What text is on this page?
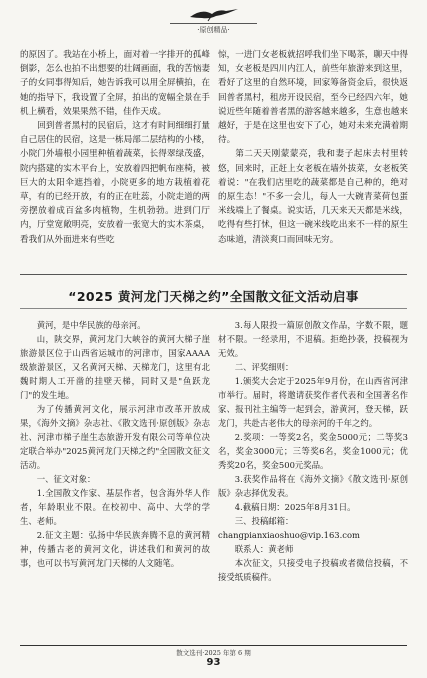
·原创精品·

的原因了。我站在小桥上，面对着一字排开的孤峰倒影，怎么也拍不出想要的壮阔画面，我的苦恼妻子的女同事得知后，她告诉我可以用全屏横拍，在她的指导下，我设置了全屏，拍出的宽幅全景在手机上横看，效果果然不错，佳作天成。

回到普者黑村的民宿后，这才有时间细细打量自己居住的民宿，这是一栋局部二层结构的小楼，小院门外墙根小园里种植着蔬菜，长得翠绿茂盛，院内搭建的实木平台上，安放着四把帆布座椅，被巨大的太阳伞遮挡着，小院更多的地方栽植着花草，有的已经开放，有的正在吐蕊，小院走道的两旁摆放着成百盆多肉植物，生机勃勃。进到门厅内，厅堂宽敞明亮，安放着一张宽大的实木茶桌，看我们从外面进来有些吃

惊，一进门女老板就招呼我们坐下喝茶，聊天中得知，女老板是四川内江人，前些年旅游来到这里，看好了这里的自然环境，回家筹备资金后，很快返回普者黑村，租房开设民宿，至今已经四六年，她说近些年随着普者黑的游客越来越多，生意也越来越好，于是在这里也安下了心，她对未来充满着期待。

第二天天刚蒙蒙亮，我和妻子起床去村里转悠，回来时，正赶上女老板在墙外拔菜，女老板笑着说："在我们店里吃的蔬菜都是自己种的，绝对的原生态！"不多一会儿，每人一大碗青菜荷包蛋米线端上了餐桌。说实话，几天来天天都是米线，吃得有些打怵，但这一碗米线吃出来不一样的原生态味道，清淡爽口而回味无穷。

“2025 黄河龙门天梯之约”全国散文征文活动启事

黄河，是中华民族的母亲河。

山，陕交界，黄河龙门大峡谷的黄河大梯子崖旅游景区位于山西省运城市的河津市，国家AAAA级旅游景区，又名黄河天梯、天梯龙门，这里有北魏时期人工开凿的挂壁天梯，同时又是"鱼跃龙门"的发生地。

为了传播黄河文化，展示河津市改革开放成果，《海外文摘》杂志社、《散文选刊·原创版》杂志社、河津市梯子崖生态旅游开发有限公司等单位决定联合举办"2025黄河龙门天梯之约"全国散文征文活动。

一、征文对象：

1.全国散文作家、基层作者，包含海外华人作者，年龄职业不限。在校初中、高中、大学的学生、老师。

2.征文主题：弘扬中华民族奔腾不息的黄河精神，传播古老的黄河文化，讲述我们和黄河的故事，也可以书写黄河龙门天梯的人文随笔。

3.每人限投一篇原创散文作品，字数不限，题材不限。一经录用，不退稿。拒绝抄袭，投稿视为无效。

二、评奖细则：

1.颁奖大会定于2025年9月份，在山西省河津市举行。届时，将邀请获奖作者代表和全国著名作家、报刊社主编等一起到会，游黄河，登天梯，跃龙门，共赴古老伟大的母亲河的千年之约。

2.奖项：一等奖2名，奖金5000元；二等奖3名，奖金3000元；三等奖6名，奖金1000元；优秀奖20名，奖金500元奖品。

3.获奖作品将在《海外文摘》《散文选刊·原创版》杂志择优发表。

4.截稿日期：2025年8月31日。

三、投稿邮箱：

changpianxiaoshuo@vip.163.com

联系人：黄老师

本次征文，只接受电子投稿或者微信投稿，不接受纸质稿件。

散文选刊·2025 年第 6 期
93
